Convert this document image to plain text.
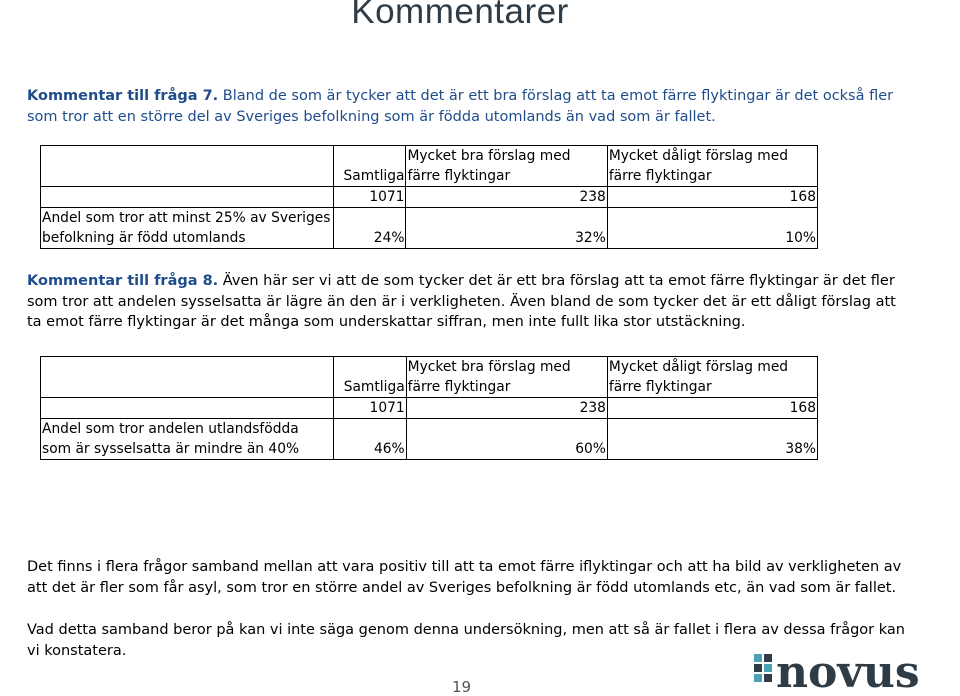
Kommentarer
Kommentar till fråga 7. Bland de som är tycker att det är ett bra förslag att ta emot färre flyktingar är det också fler som tror att en större del av Sveriges befolkning som är födda utomlands än vad som är fallet.
	Samtliga	Mycket bra förslag med färre flyktingar	Mycket dåligt förslag med färre flyktingar
	1071	238	168
Andel som tror att minst 25% av Sveriges befolkning är född utomlands	24%	32%	10%
Kommentar till fråga 8. Även här ser vi att de som tycker det är ett bra förslag att ta emot färre flyktingar är det fler som tror att andelen sysselsatta är lägre än den är i verkligheten. Även bland de som tycker det är ett dåligt förslag att ta emot färre flyktingar är det många som underskattar siffran, men inte fullt lika stor utstäckning.
	Samtliga	Mycket bra förslag med färre flyktingar	Mycket dåligt förslag med färre flyktingar
	1071	238	168
Andel som tror andelen utlandsfödda som är sysselsatta är mindre än 40%	46%	60%	38%
Det finns i flera frågor samband mellan att vara positiv till att ta emot färre iflyktingar och att ha bild av verkligheten av att det är fler som får asyl, som tror en större andel av Sveriges befolkning är född utomlands etc, än vad som är fallet.
Vad detta samband beror på kan vi inte säga genom denna undersökning, men att så är fallet i flera av dessa frågor kan vi konstatera.
19	novus
